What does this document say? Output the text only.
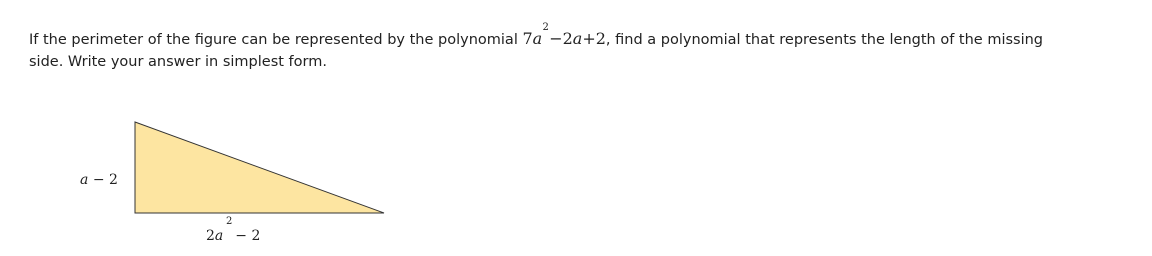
If the perimeter of the figure can be represented by the polynomial 7a
2
−2a+2, find a polynomial that represents the length of the missing
side. Write your answer in simplest form.
a − 2
2a
2
− 2
